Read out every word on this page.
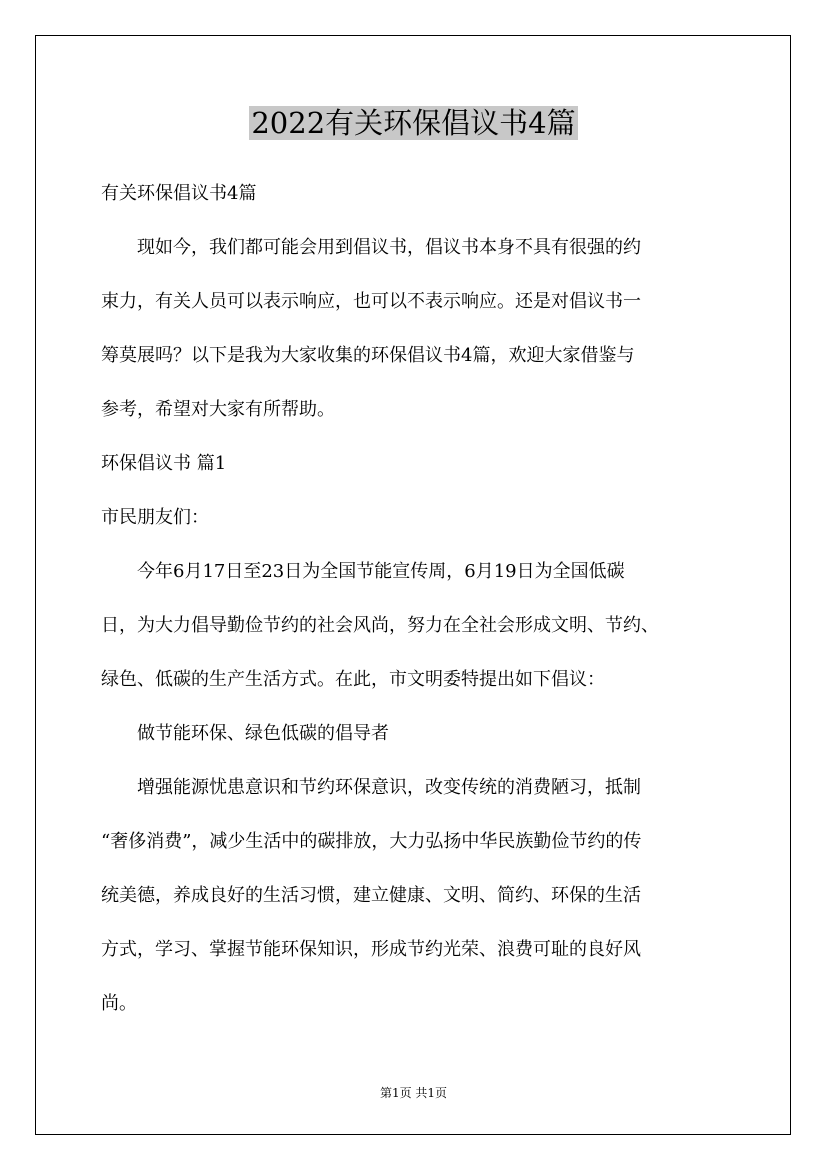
2022有关环保倡议书4篇
有关环保倡议书4篇
现如今，我们都可能会用到倡议书，倡议书本身不具有很强的约
束力，有关人员可以表示响应，也可以不表示响应。还是对倡议书一
筹莫展吗？以下是我为大家收集的环保倡议书4篇，欢迎大家借鉴与
参考，希望对大家有所帮助。
环保倡议书 篇1
市民朋友们：
今年6月17日至23日为全国节能宣传周，6月19日为全国低碳
日，为大力倡导勤俭节约的社会风尚，努力在全社会形成文明、节约、
绿色、低碳的生产生活方式。在此，市文明委特提出如下倡议：
做节能环保、绿色低碳的倡导者
增强能源忧患意识和节约环保意识，改变传统的消费陋习，抵制
“奢侈消费”，减少生活中的碳排放，大力弘扬中华民族勤俭节约的传
统美德，养成良好的生活习惯，建立健康、文明、简约、环保的生活
方式，学习、掌握节能环保知识，形成节约光荣、浪费可耻的良好风
尚。
第1页 共1页
